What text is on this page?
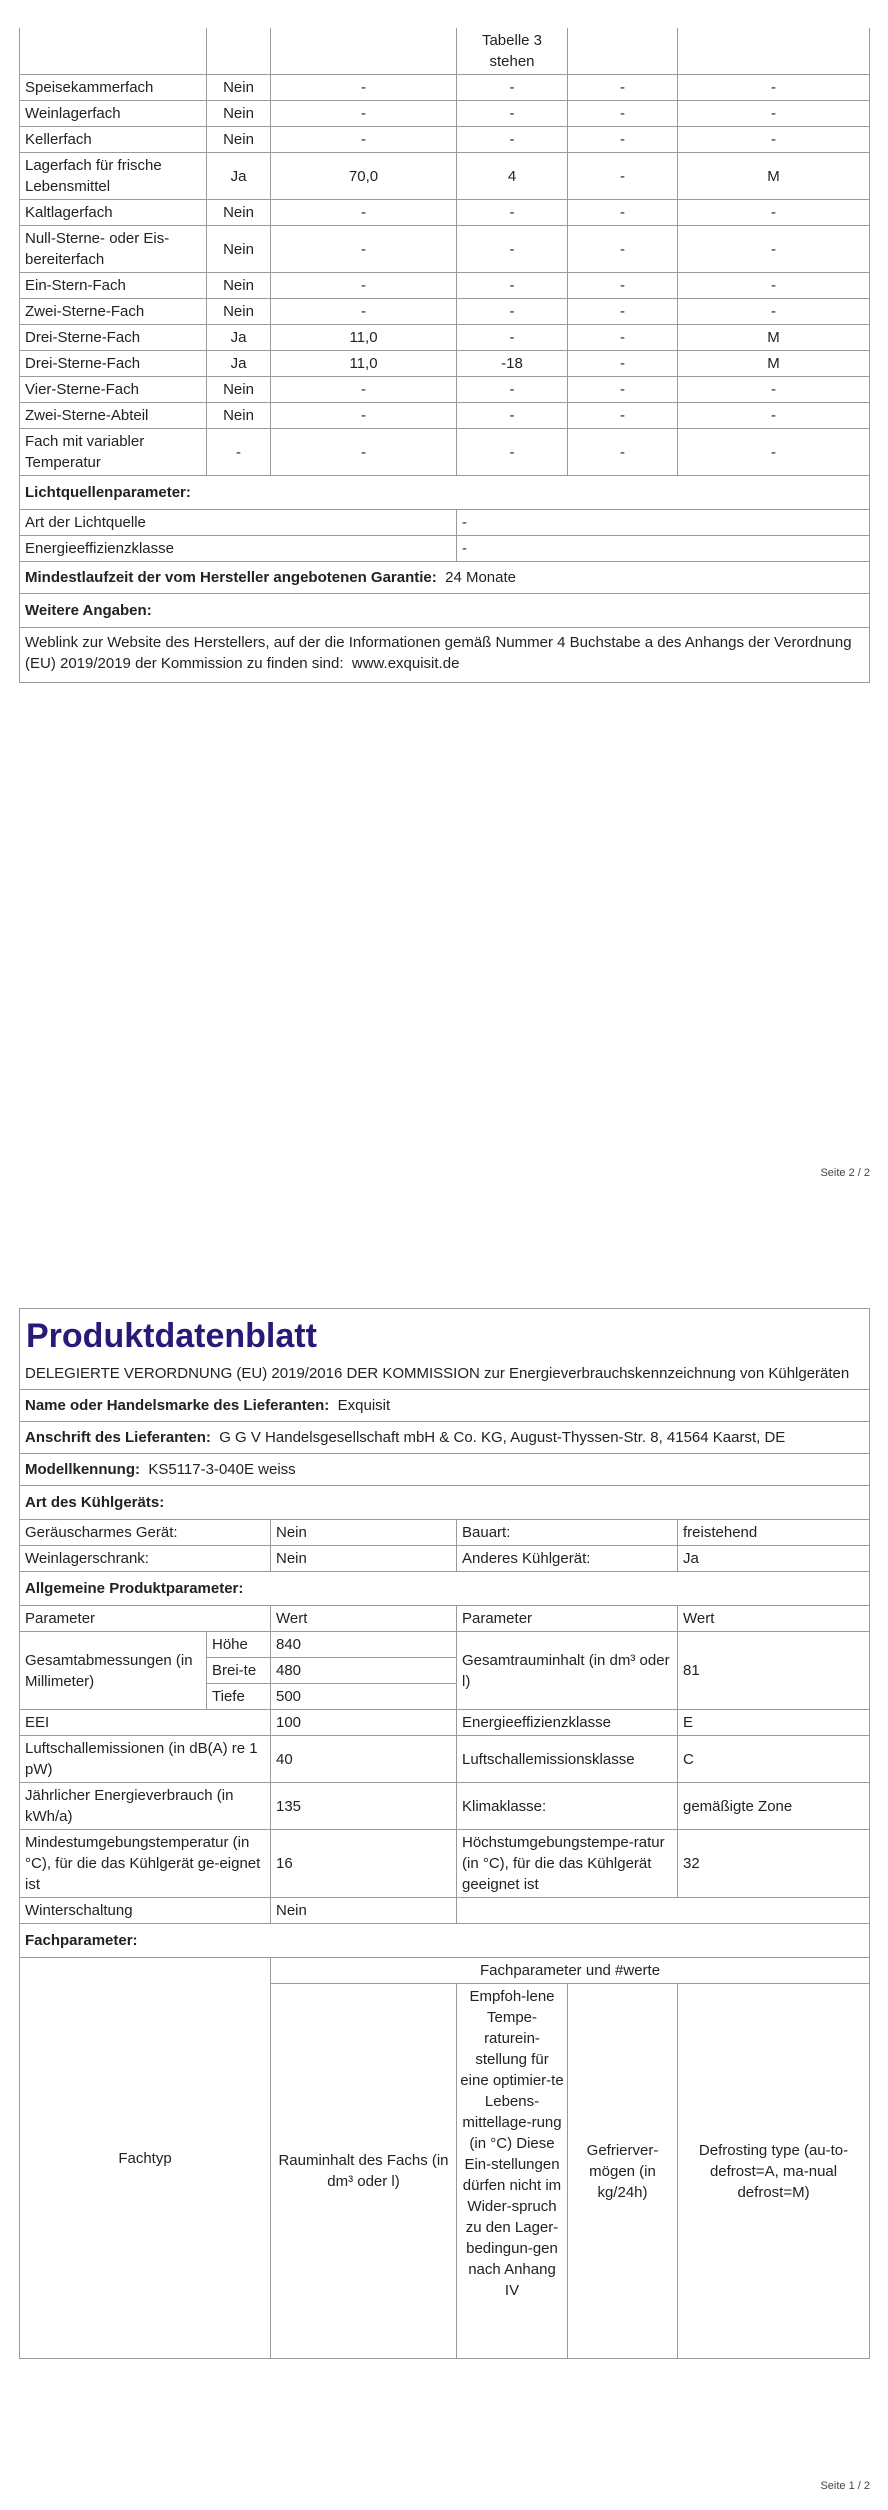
			Tabelle 3 stehen		
Speisekammerfach	Nein	-	-	-	-
Weinlagerfach	Nein	-	-	-	-
Kellerfach	Nein	-	-	-	-
Lagerfach für frische Lebensmittel	Ja	70,0	4	-	M
Kaltlagerfach	Nein	-	-	-	-
Null-Sterne- oder Eis-bereiterfach	Nein	-	-	-	-
Ein-Stern-Fach	Nein	-	-	-	-
Zwei-Sterne-Fach	Nein	-	-	-	-
Drei-Sterne-Fach	Ja	11,0	-	-	M
Drei-Sterne-Fach	Ja	11,0	-18	-	M
Vier-Sterne-Fach	Nein	-	-	-	-
Zwei-Sterne-Abteil	Nein	-	-	-	-
Fach mit variabler Temperatur	-	-	-	-	-
Lichtquellenparameter:					
Art der Lichtquelle			-		
Energieeffizienzklasse			-		
Mindestlaufzeit der vom Hersteller angebotenen Garantie: 24 Monate					
Weitere Angaben:					
Weblink zur Website des Herstellers, auf der die Informationen gemäß Nummer 4 Buchstabe a des Anhangs der Verordnung (EU) 2019/2019 der Kommission zu finden sind: www.exquisit.de					
Seite 2 / 2
Produktdatenblatt					

DELEGIERTE VERORDNUNG (EU) 2019/2016 DER KOMMISSION zur Energieverbrauchskennzeichnung von Kühlgeräten					
Name oder Handelsmarke des Lieferanten: Exquisit					
Anschrift des Lieferanten: G G V Handelsgesellschaft mbH & Co. KG, August-Thyssen-Str. 8, 41564 Kaarst, DE					
Modellkennung: KS5117-3-040E weiss					
Art des Kühlgeräts:					
Geräuscharmes Gerät:		Nein	Bauart:		freistehend
Weinlagerschrank:		Nein	Anderes Kühlgerät:		Ja
Allgemeine Produktparameter:					
Parameter		Wert	Parameter		Wert
Gesamtabmessungen (in Millimeter)	Höhe	840	Gesamtrauminhalt (in dm³ oder l)		81
	Brei-te	480			
	Tiefe	500			
EEI		100	Energieeffizienzklasse		E
Luftschallemissionen (in dB(A) re 1 pW)		40	Luftschallemissionsklasse		C
Jährlicher Energieverbrauch (in kWh/a)		135	Klimaklasse:		gemäßigte Zone
Mindestumgebungstemperatur (in °C), für die das Kühlgerät ge-eignet ist		16	Höchstumgebungstempe-ratur (in °C), für die das Kühlgerät geeignet ist		32
Winterschaltung		Nein			
Fachparameter:					
Fachtyp		Fachparameter und #werte			
		Rauminhalt des Fachs (in dm³ oder l)	Empfoh-lene Tempe-raturein-stellung für eine optimier-te Lebens-mittellage-rung (in °C) Diese Ein-stellungen dürfen nicht im Wider-spruch zu den Lager-bedingun-gen nach Anhang IV	Gefrierver-mögen (in kg/24h)	Defrosting type (au-to-defrost=A, ma-nual defrost=M)
Seite 1 / 2
